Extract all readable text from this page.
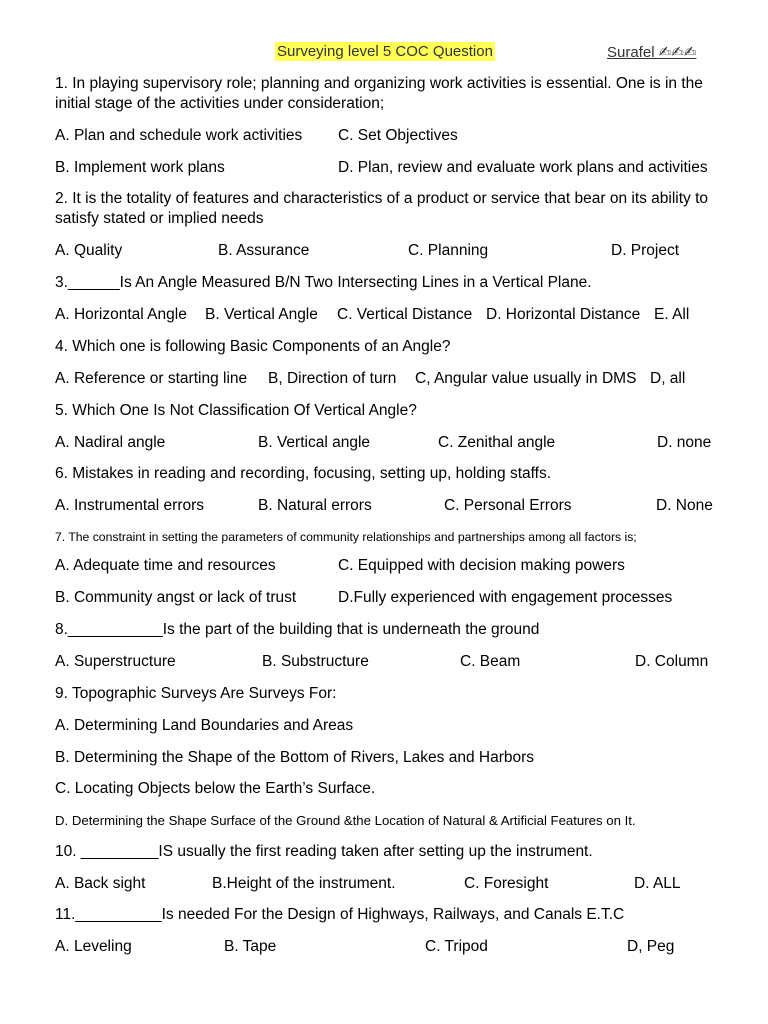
Surveying level 5 COC Question	Surafel ✍✍✍
1. In playing supervisory role; planning and organizing work activities is essential. One is in the initial stage of the activities under consideration;
A. Plan and schedule work activities C. Set Objectives
B. Implement work plans	D. Plan, review and evaluate work plans and activities
2. It is the totality of features and characteristics of a product or service that bear on its ability to satisfy stated or implied needs
A. Quality	B. Assurance	C. Planning	D. Project
3.______Is An Angle Measured B/N Two Intersecting Lines in a Vertical Plane.
A. Horizontal Angle B. Vertical Angle C. Vertical Distance D. Horizontal Distance E. All
4. Which one is following Basic Components of an Angle?
A. Reference or starting line B, Direction of turn C, Angular value usually in DMS D, all
5. Which One Is Not Classification Of Vertical Angle?
A. Nadiral angle	B. Vertical angle	C. Zenithal angle	D. none
6. Mistakes in reading and recording, focusing, setting up, holding staffs.
A. Instrumental errors	B. Natural errors	C. Personal Errors	D. None
7. The constraint in setting the parameters of community relationships and partnerships among all factors is;
A. Adequate time and resources	C. Equipped with decision making powers
B. Community angst or lack of trust	D.Fully experienced with engagement processes
8.___________Is the part of the building that is underneath the ground
A. Superstructure	B. Substructure	C. Beam	D. Column
9. Topographic Surveys Are Surveys For:
A. Determining Land Boundaries and Areas
B. Determining the Shape of the Bottom of Rivers, Lakes and Harbors
C. Locating Objects below the Earth’s Surface.
D. Determining the Shape Surface of the Ground &the Location of Natural & Artificial Features on It.
10. _________IS usually the first reading taken after setting up the instrument.
A. Back sight	B.Height of the instrument.	C. Foresight	D. ALL
11.__________Is needed For the Design of Highways, Railways, and Canals E.T.C
A. Leveling	B. Tape	C. Tripod	D, Peg
